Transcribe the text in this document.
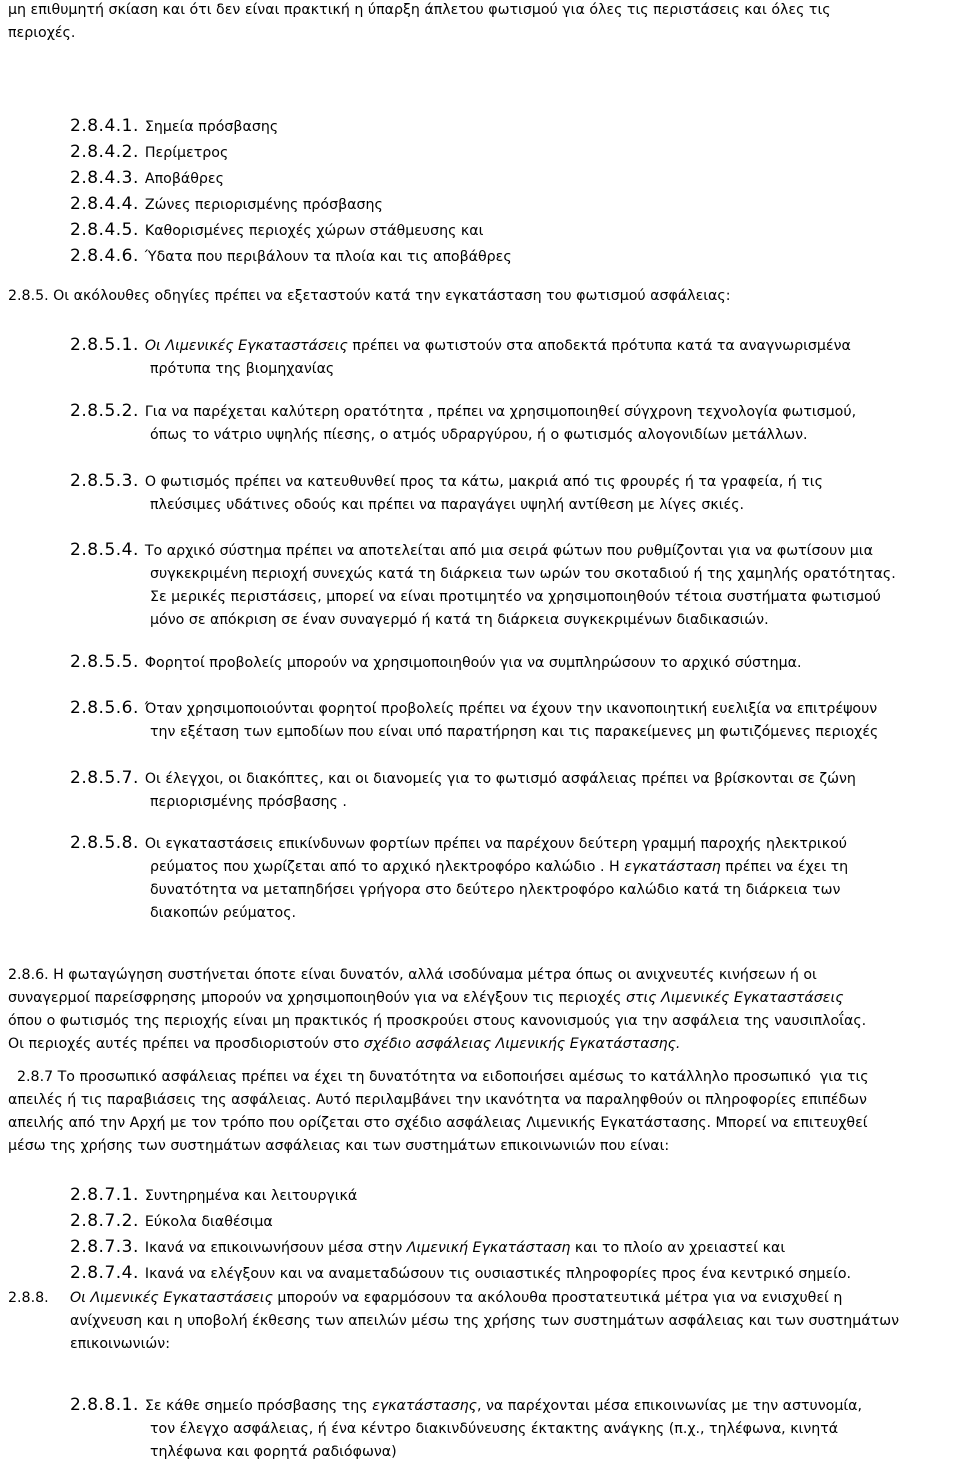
μη επιθυμητή σκίαση και ότι δεν είναι πρακτική η ύπαρξη άπλετου φωτισμού για όλες τις περιστάσεις και όλες τις

περιοχές.

2.8.4.1. Σημεία πρόσβασης
2.8.4.2. Περίμετρος
2.8.4.3. Αποβάθρες
2.8.4.4. Ζώνες περιορισμένης πρόσβασης
2.8.4.5. Καθορισμένες περιοχές χώρων στάθμευσης και
2.8.4.6. Ύδατα που περιβάλουν τα πλοία και τις αποβάθρες

2.8.5. Οι ακόλουθες οδηγίες πρέπει να εξεταστούν κατά την εγκατάσταση του φωτισμού ασφάλειας:

2.8.5.1. Οι Λιμενικές Εγκαταστάσεις πρέπει να φωτιστούν στα αποδεκτά πρότυπα κατά τα αναγνωρισμένα

πρότυπα της βιομηχανίας

2.8.5.2. Για να παρέχεται καλύτερη ορατότητα , πρέπει να χρησιμοποιηθεί σύγχρονη τεχνολογία φωτισμού,

όπως το νάτριο υψηλής πίεσης, ο ατμός υδραργύρου, ή ο φωτισμός αλογονιδίων μετάλλων.

2.8.5.3. Ο φωτισμός πρέπει να κατευθυνθεί προς τα κάτω, μακριά από τις φρουρές ή τα γραφεία, ή τις

πλεύσιμες υδάτινες οδούς και πρέπει να παραγάγει υψηλή αντίθεση με λίγες σκιές.

2.8.5.4. Το αρχικό σύστημα πρέπει να αποτελείται από μια σειρά φώτων που ρυθμίζονται για να φωτίσουν μια

συγκεκριμένη περιοχή συνεχώς κατά τη διάρκεια των ωρών του σκοταδιού ή της χαμηλής ορατότητας.

Σε μερικές περιστάσεις, μπορεί να είναι προτιμητέο να χρησιμοποιηθούν τέτοια συστήματα φωτισμού

μόνο σε απόκριση σε έναν συναγερμό ή κατά τη διάρκεια συγκεκριμένων διαδικασιών.

2.8.5.5. Φορητοί προβολείς μπορούν να χρησιμοποιηθούν για να συμπληρώσουν το αρχικό σύστημα.

2.8.5.6. Όταν χρησιμοποιούνται φορητοί προβολείς πρέπει να έχουν την ικανοποιητική ευελιξία να επιτρέψουν

την εξέταση των εμποδίων που είναι υπό παρατήρηση και τις παρακείμενες μη φωτιζόμενες περιοχές

2.8.5.7. Οι έλεγχοι, οι διακόπτες, και οι διανομείς για το φωτισμό ασφάλειας πρέπει να βρίσκονται σε ζώνη

περιορισμένης πρόσβασης .

2.8.5.8. Οι εγκαταστάσεις επικίνδυνων φορτίων πρέπει να παρέχουν δεύτερη γραμμή παροχής ηλεκτρικού

ρεύματος που χωρίζεται από το αρχικό ηλεκτροφόρο καλώδιο . Η εγκατάσταση πρέπει να έχει τη

δυνατότητα να μεταπηδήσει γρήγορα στο δεύτερο ηλεκτροφόρο καλώδιο κατά τη διάρκεια των

διακοπών ρεύματος.

2.8.6. Η φωταγώγηση συστήνεται όποτε είναι δυνατόν, αλλά ισοδύναμα μέτρα όπως οι ανιχνευτές κινήσεων ή οι

συναγερμοί παρείσφρησης μπορούν να χρησιμοποιηθούν για να ελέγξουν τις περιοχές στις Λιμενικές Εγκαταστάσεις

όπου ο φωτισμός της περιοχής είναι μη πρακτικός ή προσκρούει στους κανονισμούς για την ασφάλεια της ναυσιπλοΐας.

Οι περιοχές αυτές πρέπει να προσδιοριστούν στο σχέδιο ασφάλειας Λιμενικής Εγκατάστασης.

2.8.7 Το προσωπικό ασφάλειας πρέπει να έχει τη δυνατότητα να ειδοποιήσει αμέσως το κατάλληλο προσωπικό  για τις

απειλές ή τις παραβιάσεις της ασφάλειας. Αυτό περιλαμβάνει την ικανότητα να παραληφθούν οι πληροφορίες επιπέδων

απειλής από την Αρχή με τον τρόπο που ορίζεται στο σχέδιο ασφάλειας Λιμενικής Εγκατάστασης. Μπορεί να επιτευχθεί

μέσω της χρήσης των συστημάτων ασφάλειας και των συστημάτων επικοινωνιών που είναι:

2.8.7.1. Συντηρημένα και λειτουργικά
2.8.7.2. Εύκολα διαθέσιμα
2.8.7.3. Ικανά να επικοινωνήσουν μέσα στην Λιμενική Εγκατάσταση και το πλοίο αν χρειαστεί και
2.8.7.4. Ικανά να ελέγξουν και να αναμεταδώσουν τις ουσιαστικές πληροφορίες προς ένα κεντρικό σημείο.

2.8.8. Οι Λιμενικές Εγκαταστάσεις μπορούν να εφαρμόσουν τα ακόλουθα προστατευτικά μέτρα για να ενισχυθεί η

ανίχνευση και η υποβολή έκθεσης των απειλών μέσω της χρήσης των συστημάτων ασφάλειας και των συστημάτων

επικοινωνιών:

2.8.8.1. Σε κάθε σημείο πρόσβασης της εγκατάστασης, να παρέχονται μέσα επικοινωνίας με την αστυνομία,

τον έλεγχο ασφάλειας, ή ένα κέντρο διακινδύνευσης έκτακτης ανάγκης (π.χ., τηλέφωνα, κινητά

τηλέφωνα και φορητά ραδιόφωνα)
